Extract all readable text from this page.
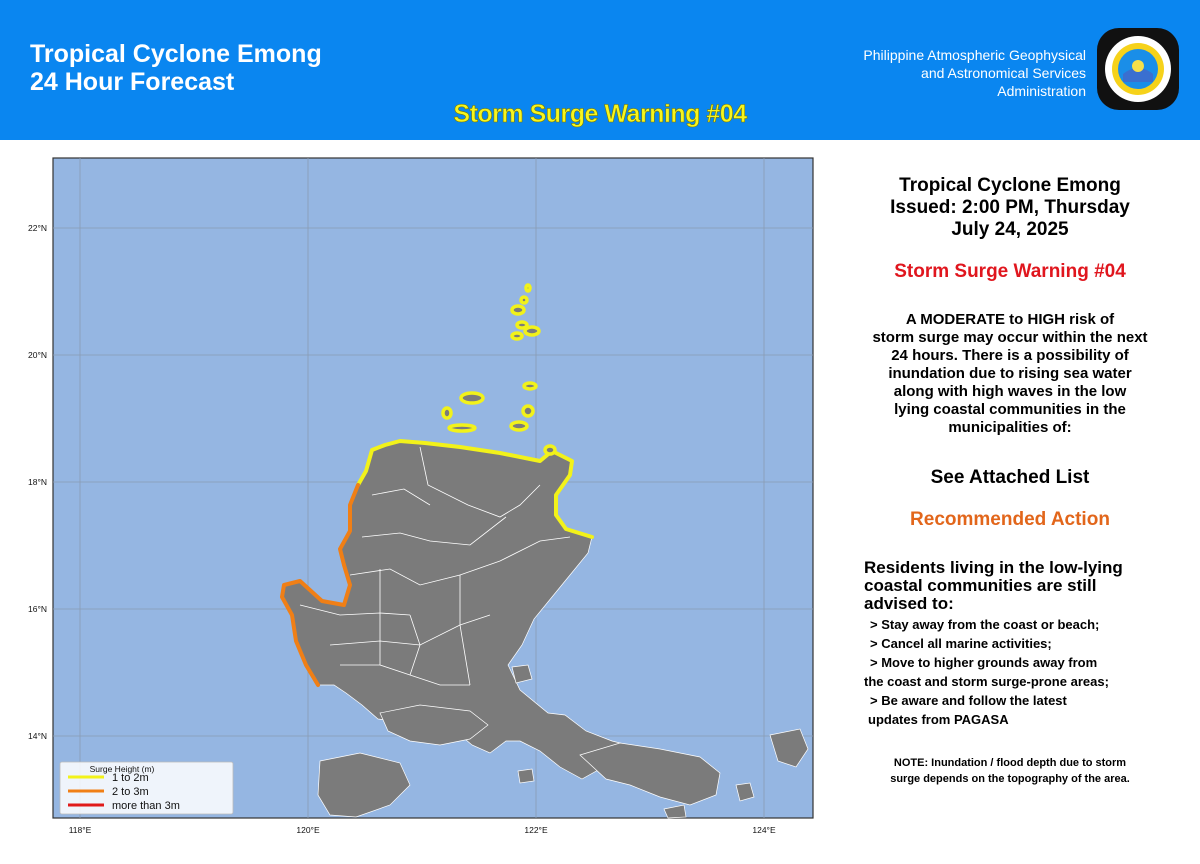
Tropical Cyclone Emong
24 Hour Forecast
Philippine Atmospheric Geophysical
and Astronomical Services
Administration
Storm Surge Warning #04
22°N
20°N
18°N
16°N
14°N
118°E	120°E	122°E	124°E
Surge Height (m)
1 to 2m
2 to 3m
more than 3m
Tropical Cyclone Emong
Issued: 2:00 PM, Thursday
July 24, 2025
Storm Surge Warning #04
A MODERATE to HIGH risk of
storm surge may occur within the next
24 hours. There is a possibility of
inundation due to rising sea water
along with high waves in the low
lying coastal communities in the
municipalities of:
See Attached List
Recommended Action
Residents living in the low-lying
coastal communities are still
advised to:
> Stay away from the coast or beach;
> Cancel all marine activities;
> Move to higher grounds away from
the coast and storm surge-prone areas;
> Be aware and follow the latest
updates from PAGASA
NOTE: Inundation / flood depth due to storm
surge depends on the topography of the area.
